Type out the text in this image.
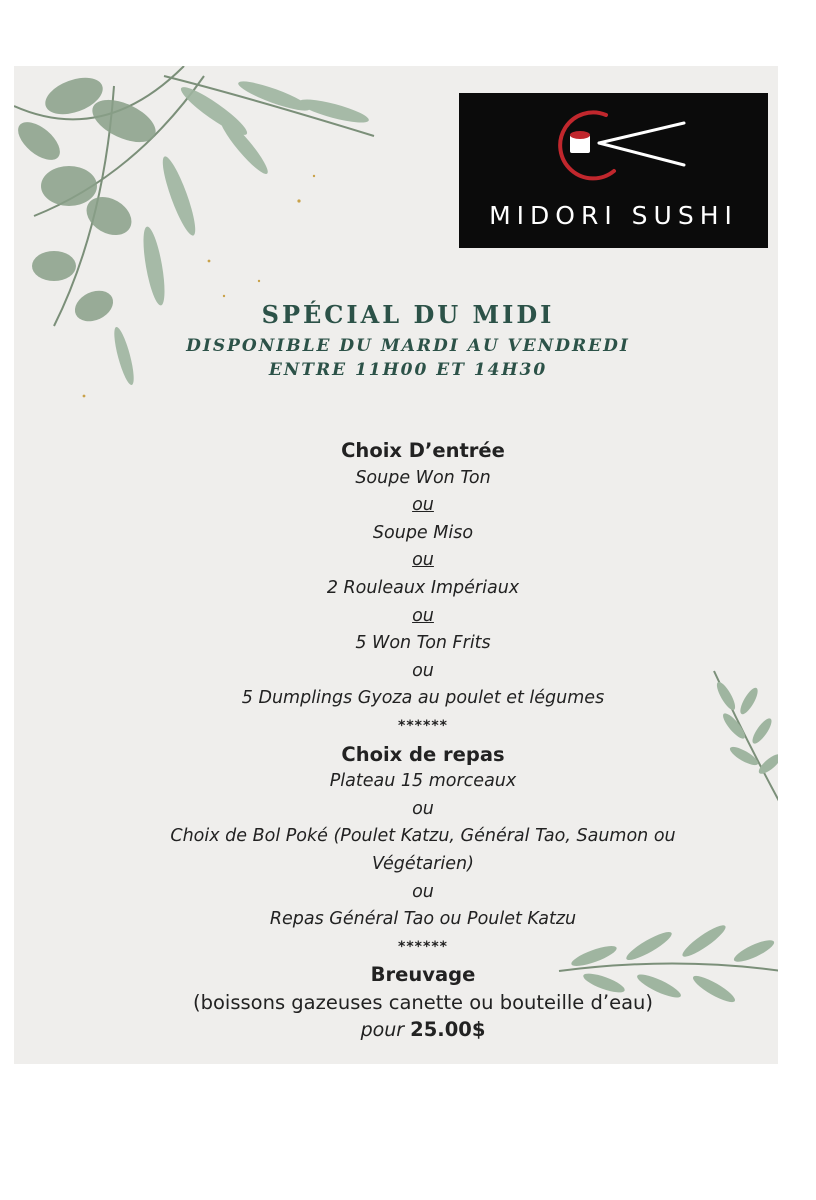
MIDORI SUSHI
SPÉCIAL DU MIDI
DISPONIBLE DU MARDI AU VENDREDI
ENTRE 11H00 ET 14H30
Choix D’entrée
Soupe Won Ton
ou
Soupe Miso
ou
2 Rouleaux Impériaux
ou
5 Won Ton Frits
ou
5 Dumplings Gyoza au poulet et légumes
******
Choix de repas
Plateau 15 morceaux
ou
Choix de Bol Poké (Poulet Katzu, Général Tao, Saumon ou
Végétarien)
ou
Repas Général Tao ou Poulet Katzu
******
Breuvage
(boissons gazeuses canette ou bouteille d’eau)
pour 25.00$
